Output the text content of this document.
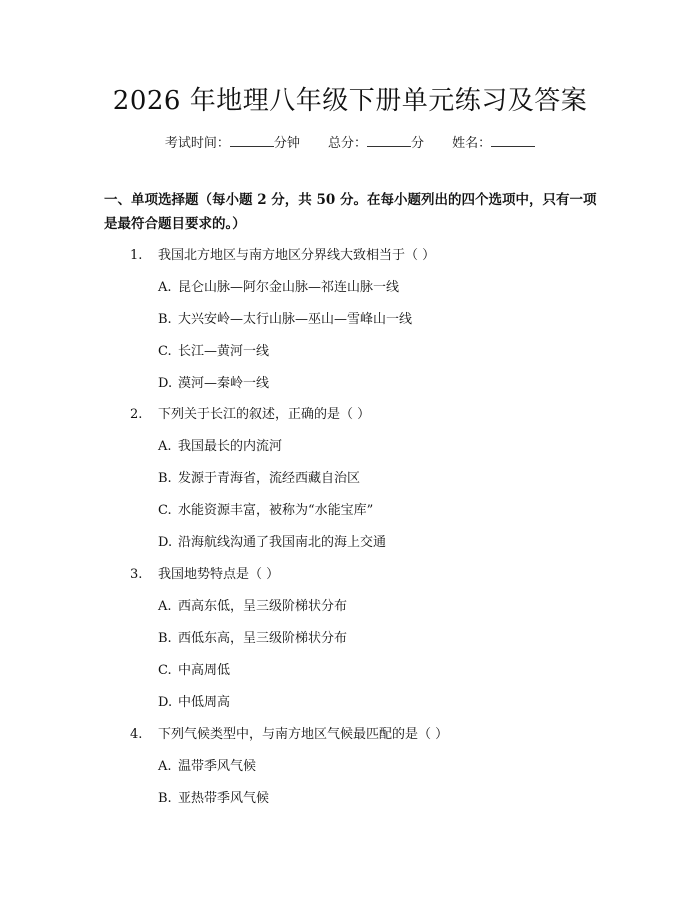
2026 年地理八年级下册单元练习及答案
考试时间：	分钟 总分：	分 姓名：
一、单项选择题（每小题 2 分，共 50 分。在每小题列出的四个选项中，只有一项是最符合题目要求的。）
1. 我国北方地区与南方地区分界线大致相当于（ ）
A. 昆仑山脉—阿尔金山脉—祁连山脉一线
B. 大兴安岭—太行山脉—巫山—雪峰山一线
C. 长江—黄河一线
D. 漠河—秦岭一线
2. 下列关于长江的叙述，正确的是（ ）
A. 我国最长的内流河
B. 发源于青海省，流经西藏自治区
C. 水能资源丰富，被称为“水能宝库”
D. 沿海航线沟通了我国南北的海上交通
3. 我国地势特点是（ ）
A. 西高东低，呈三级阶梯状分布
B. 西低东高，呈三级阶梯状分布
C. 中高周低
D. 中低周高
4. 下列气候类型中，与南方地区气候最匹配的是（ ）
A. 温带季风气候
B. 亚热带季风气候
